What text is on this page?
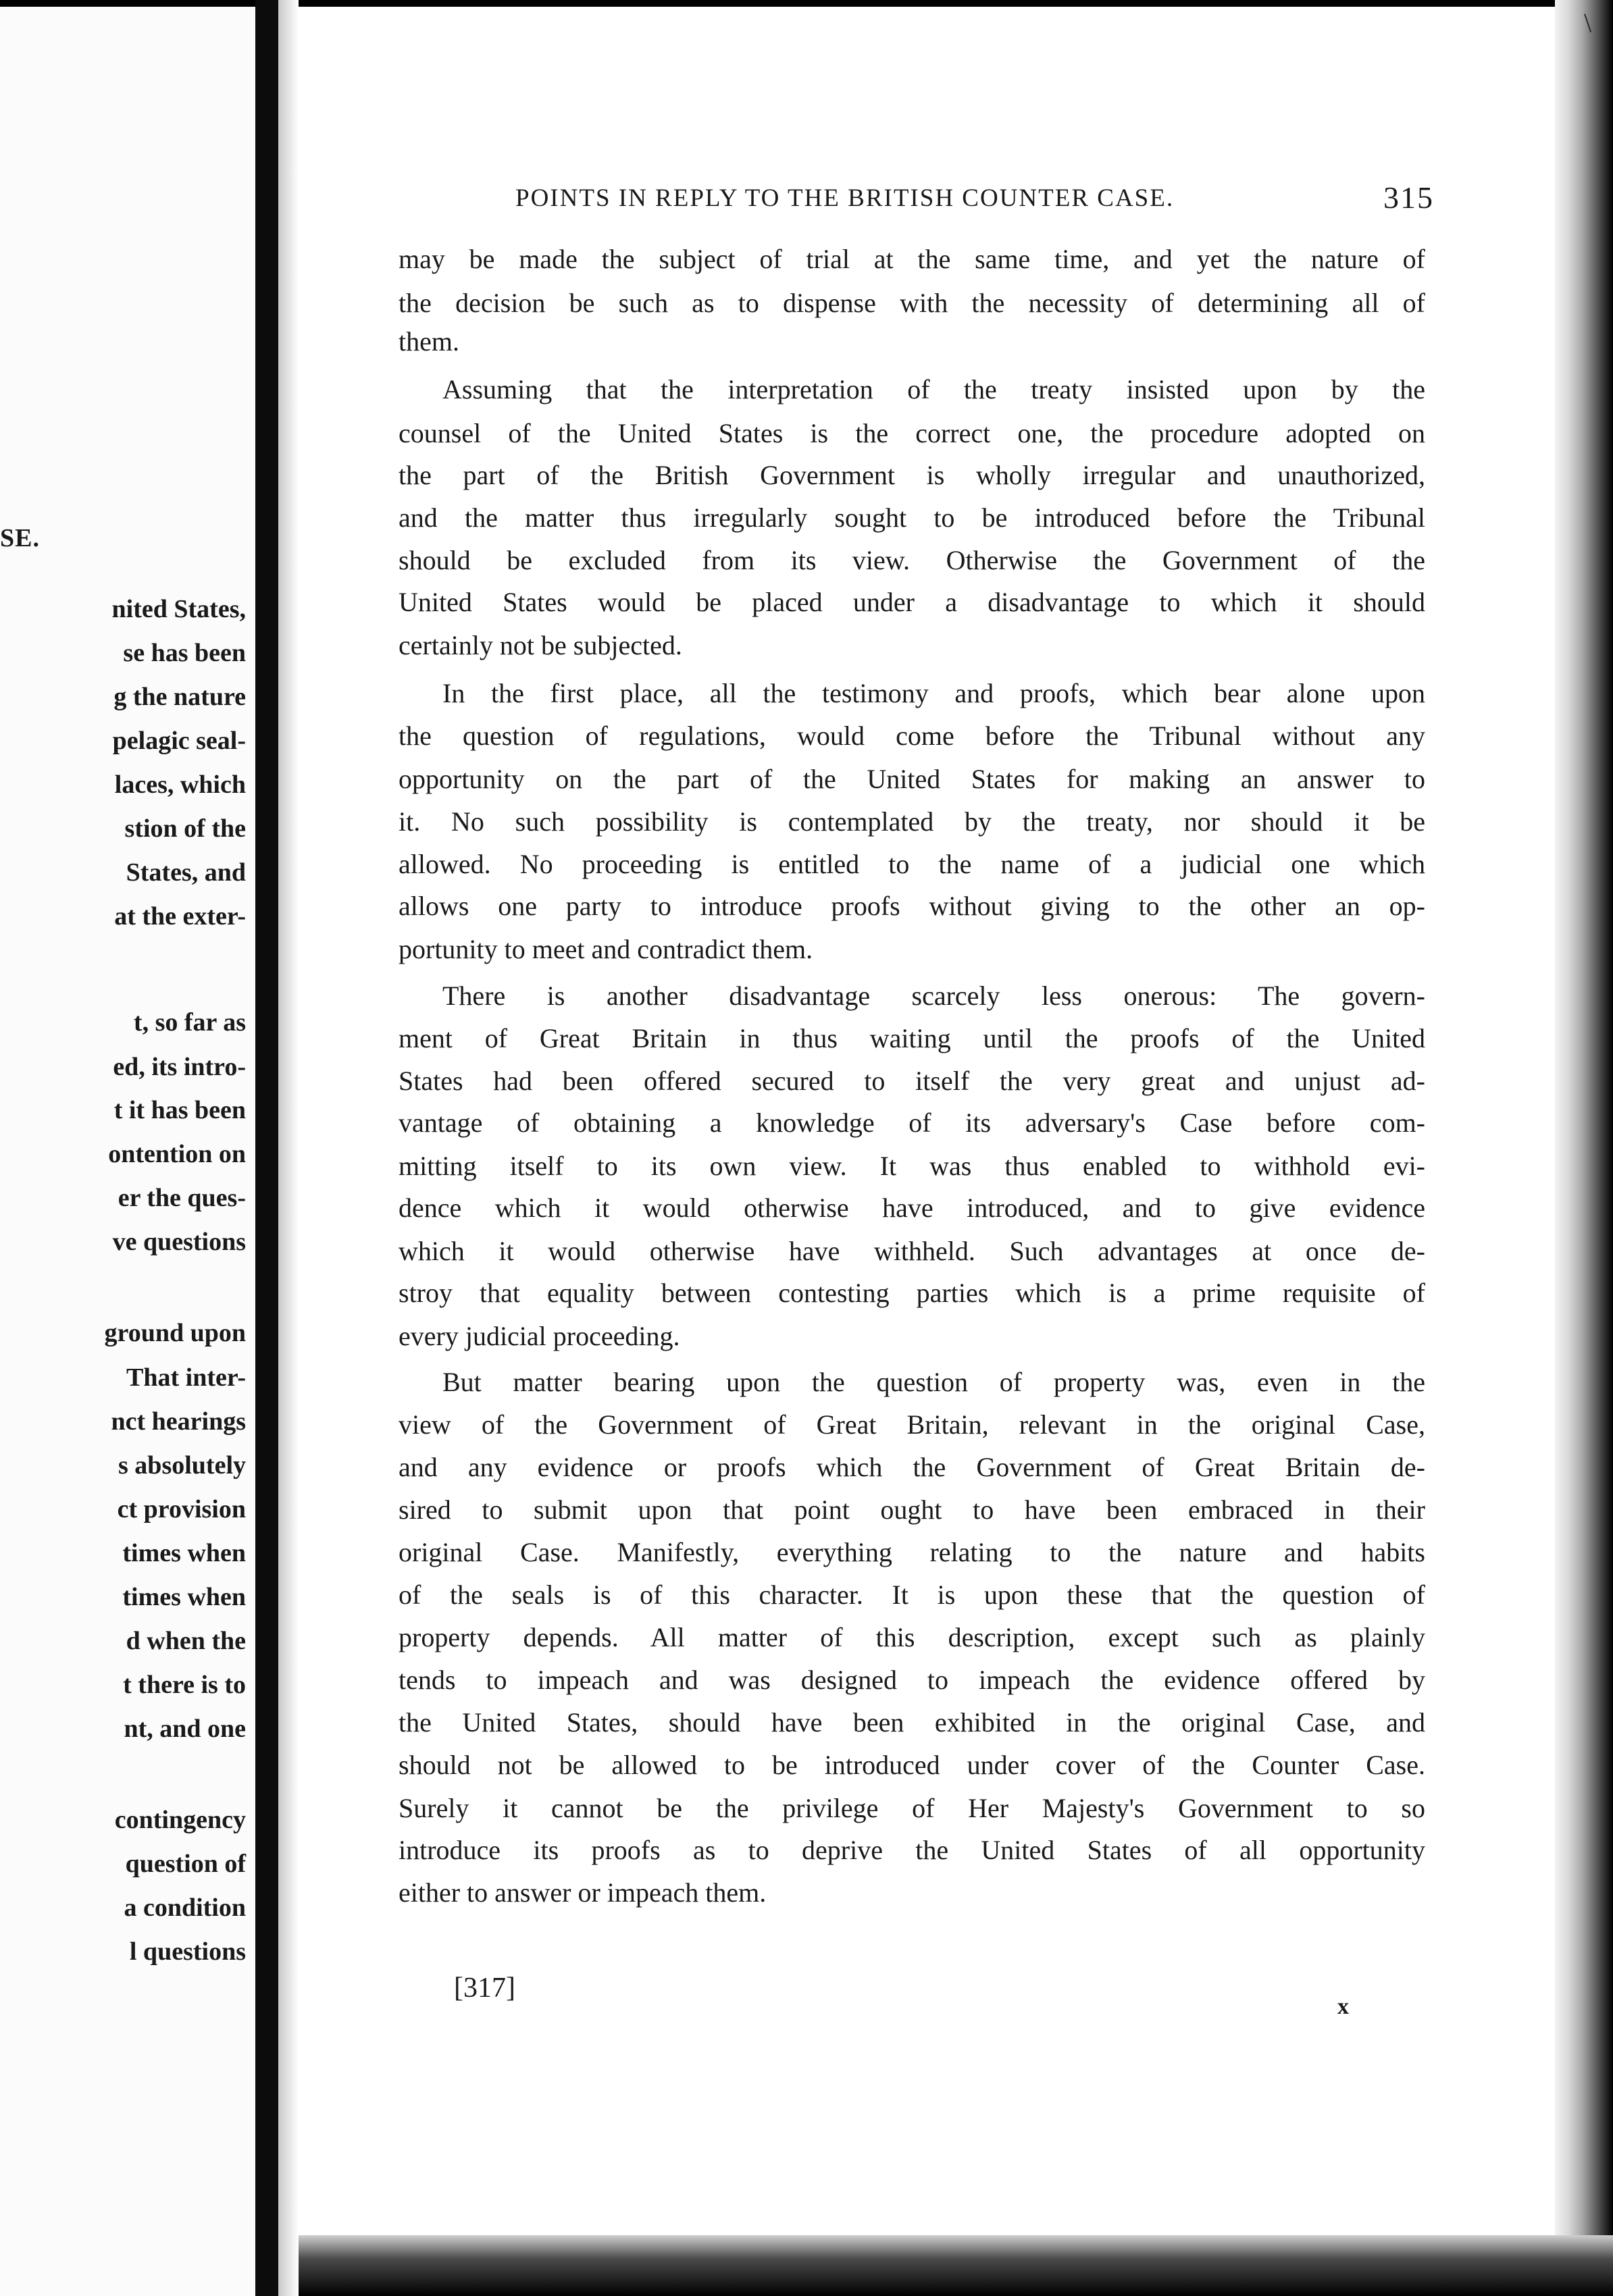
SE.
nited States,
se has been
g the nature
pelagic seal-
laces, which
stion of the
States, and
at the exter-
t, so far as
ed, its intro-
t it has been
ontention on
er the ques-
ve questions
ground upon
That inter-
nct hearings
s absolutely
ct provision
times when
times when
d when the
t there is to
nt, and one
contingency
question of
a condition
l questions
POINTS IN REPLY TO THE BRITISH COUNTER CASE.	315
may be made the subject of trial at the same time, and yet the nature of
the decision be such as to dispense with the necessity of determining all of
them.
Assuming that the interpretation of the treaty insisted upon by the
counsel of the United States is the correct one, the procedure adopted on
the part of the British Government is wholly irregular and unauthorized,
and the matter thus irregularly sought to be introduced before the Tribunal
should be excluded from its view. Otherwise the Government of the
United States would be placed under a disadvantage to which it should
certainly not be subjected.
In the first place, all the testimony and proofs, which bear alone upon
the question of regulations, would come before the Tribunal without any
opportunity on the part of the United States for making an answer to
it. No such possibility is contemplated by the treaty, nor should it be
allowed. No proceeding is entitled to the name of a judicial one which
allows one party to introduce proofs without giving to the other an op-
portunity to meet and contradict them.
There is another disadvantage scarcely less onerous: The govern-
ment of Great Britain in thus waiting until the proofs of the United
States had been offered secured to itself the very great and unjust ad-
vantage of obtaining a knowledge of its adversary's Case before com-
mitting itself to its own view. It was thus enabled to withhold evi-
dence which it would otherwise have introduced, and to give evidence
which it would otherwise have withheld. Such advantages at once de-
stroy that equality between contesting parties which is a prime requisite of
every judicial proceeding.
But matter bearing upon the question of property was, even in the
view of the Government of Great Britain, relevant in the original Case,
and any evidence or proofs which the Government of Great Britain de-
sired to submit upon that point ought to have been embraced in their
original Case. Manifestly, everything relating to the nature and habits
of the seals is of this character. It is upon these that the question of
property depends. All matter of this description, except such as plainly
tends to impeach and was designed to impeach the evidence offered by
the United States, should have been exhibited in the original Case, and
should not be allowed to be introduced under cover of the Counter Case.
Surely it cannot be the privilege of Her Majesty's Government to so
introduce its proofs as to deprive the United States of all opportunity
either to answer or impeach them.
[317]
x
\
